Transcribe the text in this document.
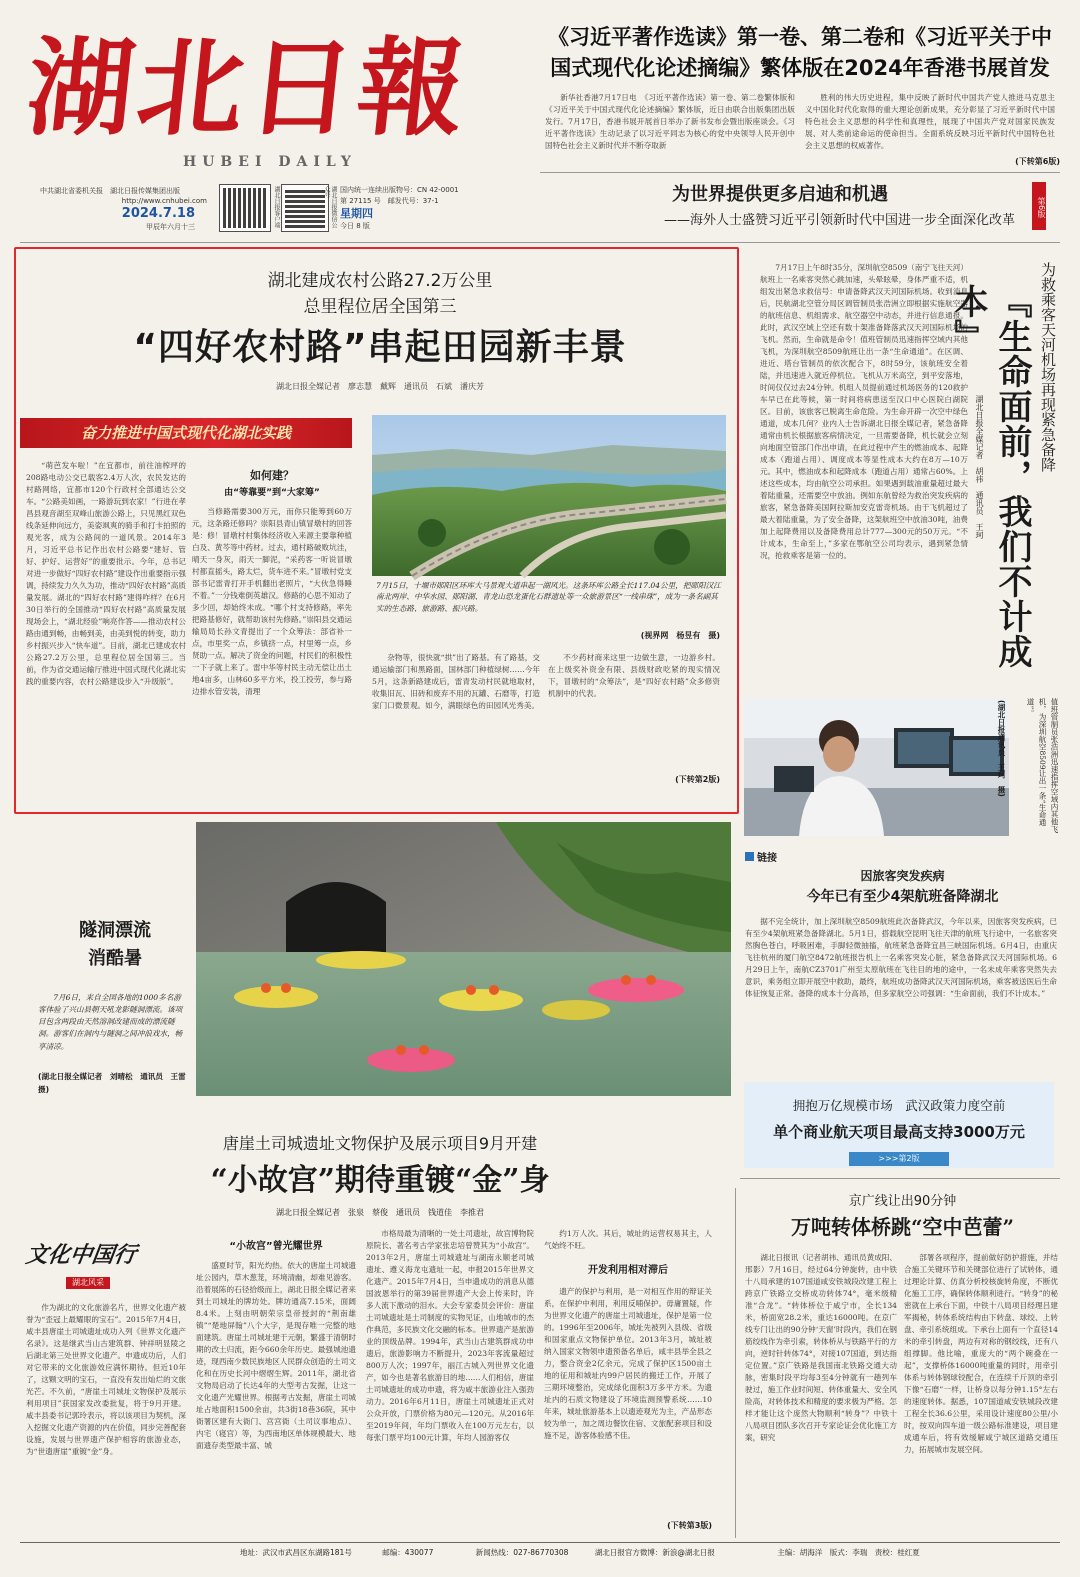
湖北日報
HUBEI DAILY
中共湖北省委机关报　湖北日报传媒集团出版
http://www.cnhubei.com
2024.7.18
甲辰年六月十三	湖北日报客户端	湖北日报微信公众号	国内统一连续出版物号：CN 42-0001
第 27115 号　邮发代号：37-1
星期四
今日 8 版
《习近平著作选读》第一卷、第二卷和《习近平关于中国式现代化论述摘编》繁体版在2024年香港书展首发
新华社香港7月17日电　《习近平著作选读》第一卷、第二卷繁体版和《习近平关于中国式现代化论述摘编》繁体版，近日由联合出版集团出版发行。7月17日，香港书展开展首日举办了新书发布会暨出版座谈会。《习近平著作选读》生动记录了以习近平同志为核心的党中央领导人民开创中国特色社会主义新时代并不断夺取新
胜利的伟大历史进程，集中反映了新时代中国共产党人推进马克思主义中国化时代化取得的重大理论创新成果，充分彰显了习近平新时代中国特色社会主义思想的科学性和真理性，展现了中国共产党对国家民族发展、对人类前途命运的使命担当。全面系统反映习近平新时代中国特色社会主义思想的权威著作。
(下转第6版)
为世界提供更多启迪和机遇
——海外人士盛赞习近平引领新时代中国进一步全面深化改革
第6版
湖北建成农村公路27.2万公里
总里程位居全国第三
“四好农村路”串起田园新丰景
湖北日报全媒记者　廖志慧　戴辉　通讯员　石斌　潘庆芳
奋力推进中国式现代化湖北实践
“萌芭发车啦！”在宜都市，前往油榨坪的208路电动公交已载客2.4万人次，农民发达的村路网络，宜都市120个行政村全部通达公交车。“公路美如画，一路游玩到农家！”行进在孝昌县观音湖至双峰山旅游公路上，只见黑红双色线条延伸向远方，美姿飒爽的骑手和打卡拍照的观光客，成为公路间的一道风景。2014年3月，习近平总书记作出农村公路要“建好、管好、护好、运营好”的重要批示。今年，总书记对进一步做好“四好农村路”建设作出重要指示强调，持续发力久久为功，推动“四好农村路”高质量发展。湖北的“四好农村路”建得咋样？在6月30日举行的全国推动“四好农村路”高质量发展现场会上，“湖北经验”响亮作答——推动农村公路由通到畅，由畅到美，由美到悦的转变，助力乡村振兴步入“快车道”。目前，湖北已建成农村公路27.2万公里，总里程位居全国第三。当前，作为省交通运输厅推进中国式现代化湖北实践的重要内容，农村公路建设步入“升级版”。
如何建？
由“等靠要”到“大家筹”
当修路需要300万元，而你只能筹到60万元，这条路还修吗？崇阳县青山镇冒墩村的回答是：修！冒墩村村集体经济收入来源主要靠种植白及、黄芩等中药材。过去，通村路破败坑洼，晴天一身灰，雨天一脚泥，“采药客一听说冒墩村都直摇头，路太烂，货车进不来。”冒墩村党支部书记雷青打开手机翻出老照片，“大伙急得睡不着。”一分钱难倒英雄汉。修路的心思不知动了多少回，却始终未成。“哪个村支持修路，率先把路基修好，就帮助该村先修路。”崇阳县交通运输局局长孙文青提出了一个众筹法：部省补一点，市里奖一点，乡镇挤一点，村里筹一点，乡贤助一点。解决了资金的问题，村民们的积极性一下子就上来了。雷中华等村民主动无偿让出土地4亩多，山林60多平方米，投工投劳，参与路边排水管安装，清理
7月15日，十堰市郧阳区环库大马景观大道串起一湖风光。这条环库公路全长117.04公里，把郧阳汉江南北两岸、中华水园、郧阳湖、青龙山恐龙蛋化石群遗址等一众旅游景区“一线串珠”，成为一条名副其实的生态路、旅游路、振兴路。
(视界网　杨昱有　摄)
杂物等，很快就“拱”出了路基。有了路基，交通运输部门和黑路面，国林部门种植绿树……今年5月，这条新路建成后，雷青发动村民就地取材，收集旧瓦、旧砖和废弃不用的瓦罐、石磨等，打造家门口微景观。如今，满眼绿色的田园风光秀美。
不少药材商来这里一边做生意，一边游乡村。在上级奖补资金有限、县级财政吃紧的现实情况下，冒墩村的“众筹法”，是“四好农村路”众多修资机制中的代表。
(下转第2版)
7月17日上午8时35分，深圳航空8509（南宁飞往天河）航班上一名乘客突然心跳加速，头晕眩晕，身体严重不适，机组发出紧急求救信号：申请备降武汉天河国际机场。收到消息后，民航湖北空管分局区调管制员张浩洲立即根据实施航空器的航班信息、机组需求、航空器空中动态，并进行信息通报。此时，武汉空域上空还有数十架准备降落武汉天河国际机场的飞机。然而，生命就是命令！值班管制员迅速指挥空域内其他飞机，为深圳航空8509航班让出一条“生命通道”。在区调、进近、塔台管制员的依次配合下，8时59分，该航班安全着陆，并迅速进入就近停机位。飞机从万米高空，到平安落地，时间仅仅过去24分钟。机组人员提前通过机场医务的120救护车早已在此等候，第一时间将病患送至汉口中心医院白湖院区。目前，该旅客已脱离生命危险。为生命开辟一次空中绿色通道，成本几何？业内人士告诉湖北日报全媒记者，紧急备降通常由机长根据旅客病情决定，一旦需要备降，机长就会立刻向地面空管部门作出申请，在此过程中产生的燃油成本、起降成本（跑道占用）、调度成本等显性成本大约在8万—10万元。其中，燃油成本和起降成本（跑道占用）通常占60%。上述这些成本，均由航空公司承担。如果遇到载油重量超过最大着陆重量，还需要空中放油。例如东航曾经为救治突发疾病的旅客，紧急备降美国阿拉斯加安克雷奇机场。由于飞机超过了最大着陆重量，为了安全备降，这架航班空中放油30吨，油费加上起降费用以及备降费用总计777—300元的50万元。“不计成本，生命至上，”多家在鄂航空公司均表示，遇到紧急情况，抢救乘客是第一位的。	『生命面前，我们不计成本』	为救乘客天河机场再现紧急备降
湖北日报全媒记者　胡祎　通讯员　王珂
值班管制员张浩洲迅速指挥空域内其他飞机，为深圳航空8509让出一条“生命通道”。
(湖北日报通讯员　王珂　摄)
隧洞漂流
消酷暑
7月6日，来自全国各地的1000多名游客体验了兴山县朝天吼龙影隧洞漂流。该项目包含两段由天然溶洞改建而成的漂流隧洞。游客们在洞内与隧洞之间冲浪戏水，畅享清凉。
(湖北日报全媒记者　刘晴松　通讯员　王雷　摄)
链接
因旅客突发疾病
今年已有至少4架航班备降湖北
据不完全统计，加上深圳航空8509航班此次备降武汉，今年以来，因旅客突发疾病，已有至少4架航班紧急备降湖北。5月1日，搭载航空昆明飞往天津的航班飞行途中，一名旅客突然胸色苍白，呼吸困难，手脚轻微抽搐，航班紧急备降宜昌三峡国际机场。6月4日，由重庆飞往杭州的厦门航空8472航班报告机上一名乘客突发心脏，紧急备降武汉天河国际机场。6月29日上午，南航CZ3701广州至太原航班在飞往目的地的途中，一名未成年乘客突然失去意识，乘务组立即开展空中救助，最终，航班成功备降武汉天河国际机场，乘客被送医后生命体征恢复正常。备降的成本十分高昂，但多家航空公司强调：“生命面前，我们不计成本。”
拥抱万亿规模市场　武汉政策力度空前
单个商业航天项目最高支持3000万元
>>>第2版
唐崖土司城遗址文物保护及展示项目9月开建
“小故宫”期待重镀“金”身
湖北日报全媒记者　张泉　蔡俊　通讯员　钱道佳　李推君
文化中国行
湖北风采
作为湖北的文化旅游名片，世界文化遗产被誉为“歪冠上最耀眼的宝石”。2015年7月4日，咸丰县唐崖土司城遗址成功入列《世界文化遗产名录》。这是继武当山古建筑群、钟祥明显陵之后湖北第三处世界文化遗产。申遗成功后，人们对它带来的文化旅游效应满怀期待。但近10年了，这颗文明的宝石，一直没有发出灿烂的文旅光芒。不久前，“唐崖土司城址文物保护及展示利用项目”获国家发改委批复，将于9月开建。咸丰县委书记郭玲表示，将以该项目为契机，深入挖掘文化遗产资源的内在价值，同步完善配套设施，发展与世界遗产保护相容的旅游业态，为“世遗唐崖”重镀“金”身。
“小故宫”曾光耀世界
盛夏时节，阳光灼热。依大的唐崖土司城遗址公园内，草木葱茏，环境清幽，却难见游客。沿着展陈的石径拾级而上，湖北日报全媒记者来到土司城址的牌坊处。牌坊通高7.15米，面阔8.4米。上刻由明朝荣宗皇帝授封的“荆南雄镇”“楚地屏翰”八个大字，是现存唯一完整的地面建筑。唐崖土司城址建于元朝，繁盛于清朝时期的改土归流，距今660余年历史。最强城池遗迹，现西南少数民族地区人民群众创造的土司文化和在历史长河中熠熠生辉。2011年，湖北省文物局启动了长达4年的大型考古发掘，让这一文化遗产光耀世界。根据考古发掘，唐崖土司城址占地面积1500余亩，共3街18巷36院，其中衙署区建有大衙门、宫宫衙（土司议事地点）、内宅（寝宫）等，为西南地区单体规模最大、地面遗存类型最丰富、城
市格局最为清晰的一处土司遗址，故宫博物院原院长、著名考古学家张忠培曾赞其为“小故宫”。2013年2月，唐崖土司城遗址与湖南永顺老司城遗址、遵义海龙屯遗址一起，申报2015年世界文化遗产。2015年7月4日，当申遗成功的消息从德国波恩举行的第39届世界遗产大会上传来时，许多人流下激动的泪水。大会专家委员会评价：唐崖土司城遗址是土司制度的实物见证，山地城市的杰作典范，多民族文化交融的标本。世界遗产是旅游业的顶级品牌。1994年，武当山古建筑群成功申遗后，旅游影响力不断提升，2023年客流量超过800万人次；1997年，丽江古城入列世界文化遗产，如今也是著名旅游目的地……人们相信，唐崖土司城遗址的成功申遗，将为咸丰旅游业注入强劲动力。2016年6月11日，唐崖土司城遗址正式对公众开放，门票价格为80元—120元。从2016年至2019年间，年均门票收入在100万元左右，以每张门票平均100元计算，年均人园游客仅
约1万人次。其后，城址的运营权易其主，人气始终不旺。
开发利用相对滞后
遗产的保护与利用，是一对相互作用的辩证关系，在保护中利用，利用反哺保护。毋庸置疑，作为世界文化遗产的唐崖土司城遗址，保护是第一位的。1996年至2006年，城址先被列入县级、省级和国家重点文物保护单位。2013年3月，城址被纳入国家文物领申遗预备名单后，咸丰县举全县之力，整合资金2亿余元，完成了保护区1500亩土地的征用和城址内99户居民的搬迁工作，开展了三期环境整治，完成绿化面积3万多平方米。为遗址内的石质文物建设了环境监测预警系统……10年来，城址旅游基本上以遗迹观光为主，产品形态较为单一，加之周边餐饮住宿、文旅配套项目和设施不足，游客体验感不佳。
(下转第3版)
京广线让出90分钟
万吨转体桥跳“空中芭蕾”
湖北日报讯（记者胡祎、通讯员黄成阳、邢影）7月16日，经过64分钟旋转，由中铁十八局承建的107国道咸安铁城段改建工程上跨京广铁路立交桥成功转体74°，毫米级精准“合龙”。“转体桥位于咸宁市，全长134米，桥面宽28.2米，重达16000吨。在京广线专门让出的90分钟‘天窗’时段内，我们在钢筋绞线作为牵引索，转体桥从与铁路平行的方向，逆时针转体74°，对接107国道，到达指定位置。”京广铁路是我国南北铁路交通大动脉，密集时段平均每3至4分钟就有一趟列车驶过，施工作业时间短、转体重量大、安全风险高，对转体技术和精度的要求极为严格。怎样才能让这个庞然大物顺利“转身”？中铁十八局项目团队多次召开专家论证会优化施工方案，研究
部署各项程序，提前做好防护措施，并结合施工关键环节和关键部位进行了试转体，通过理论计算、仿真分析校核旋转角度，不断优化施工工序，确保转体顺利进行。“转身”的秘密就在上承台下面，中铁十八局项目经理吕建军揭秘，转体系统结构由下转盘、球绞、上转盘、牵引系统组成。下承台上面有一个直径14米的牵引转盘，两边有对称的钢绞线，还有八组撑脚。他比喻，重庞大的“两个碗叠在一起”，支撑桥体16000吨重量的同时，用牵引体系与转体钢球铰配合，在连续千斤顶的牵引下像“石磨”一样，让桥身以每分钟1.15°左右的速度转体。据悉，107国道咸安铁城段改建工程全长36.6公里，采用设计速度80公里/小时，按双向四车道一级公路标准建设，项目建成通车后，将有效缓解咸宁城区道路交通压力，拓展城市发展空间。
地址：武汉市武昌区东湖路181号	邮编：430077	新闻热线：027-86770308	湖北日报官方微博：新浪@湖北日报	主编：胡海洋　版式：李瑞　责校：桂红夏
